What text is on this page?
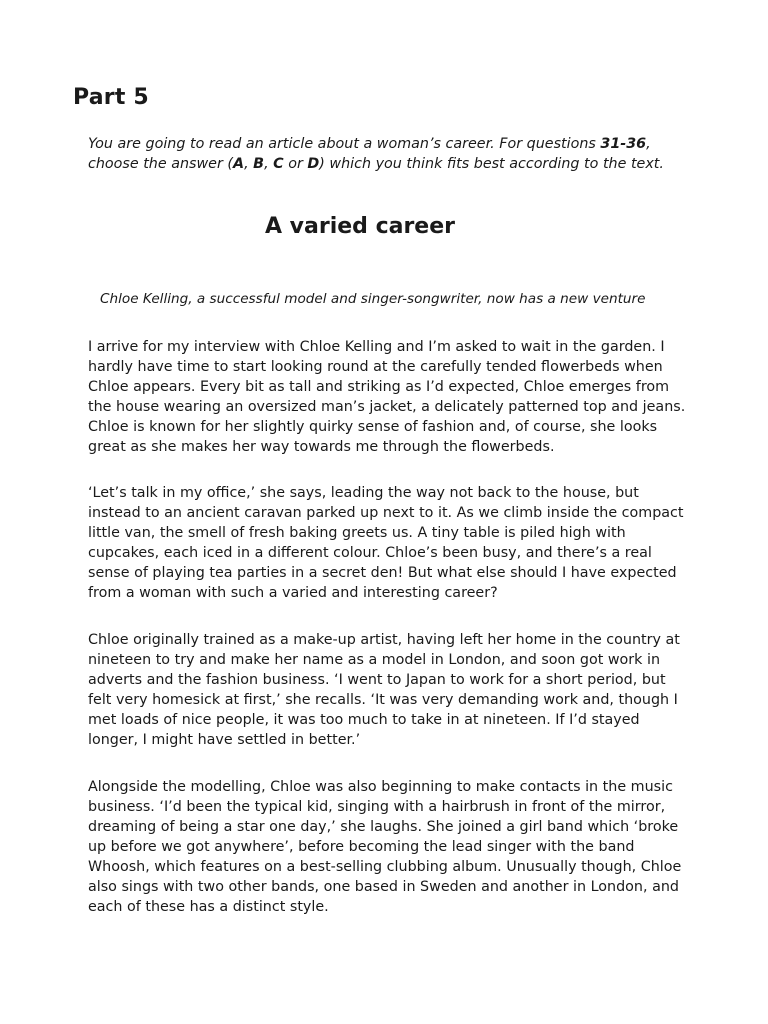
Part 5

You are going to read an article about a woman’s career. For questions 31-36, choose the answer (A, B, C or D) which you think fits best according to the text.

A varied career

Chloe Kelling, a successful model and singer-songwriter, now has a new venture

I arrive for my interview with Chloe Kelling and I’m asked to wait in the garden. I hardly have time to start looking round at the carefully tended flowerbeds when Chloe appears. Every bit as tall and striking as I’d expected, Chloe emerges from the house wearing an oversized man’s jacket, a delicately patterned top and jeans. Chloe is known for her slightly quirky sense of fashion and, of course, she looks great as she makes her way towards me through the flowerbeds.

‘Let’s talk in my office,’ she says, leading the way not back to the house, but instead to an ancient caravan parked up next to it. As we climb inside the compact little van, the smell of fresh baking greets us. A tiny table is piled high with cupcakes, each iced in a different colour. Chloe’s been busy, and there’s a real sense of playing tea parties in a secret den! But what else should I have expected from a woman with such a varied and interesting career?

Chloe originally trained as a make-up artist, having left her home in the country at nineteen to try and make her name as a model in London, and soon got work in adverts and the fashion business. ‘I went to Japan to work for a short period, but felt very homesick at first,’ she recalls. ‘It was very demanding work and, though I met loads of nice people, it was too much to take in at nineteen. If I’d stayed longer, I might have settled in better.’

Alongside the modelling, Chloe was also beginning to make contacts in the music business. ‘I’d been the typical kid, singing with a hairbrush in front of the mirror, dreaming of being a star one day,’ she laughs. She joined a girl band which ‘broke up before we got anywhere’, before becoming the lead singer with the band Whoosh, which features on a best-selling clubbing album. Unusually though, Chloe also sings with two other bands, one based in Sweden and another in London, and each of these has a distinct style.
